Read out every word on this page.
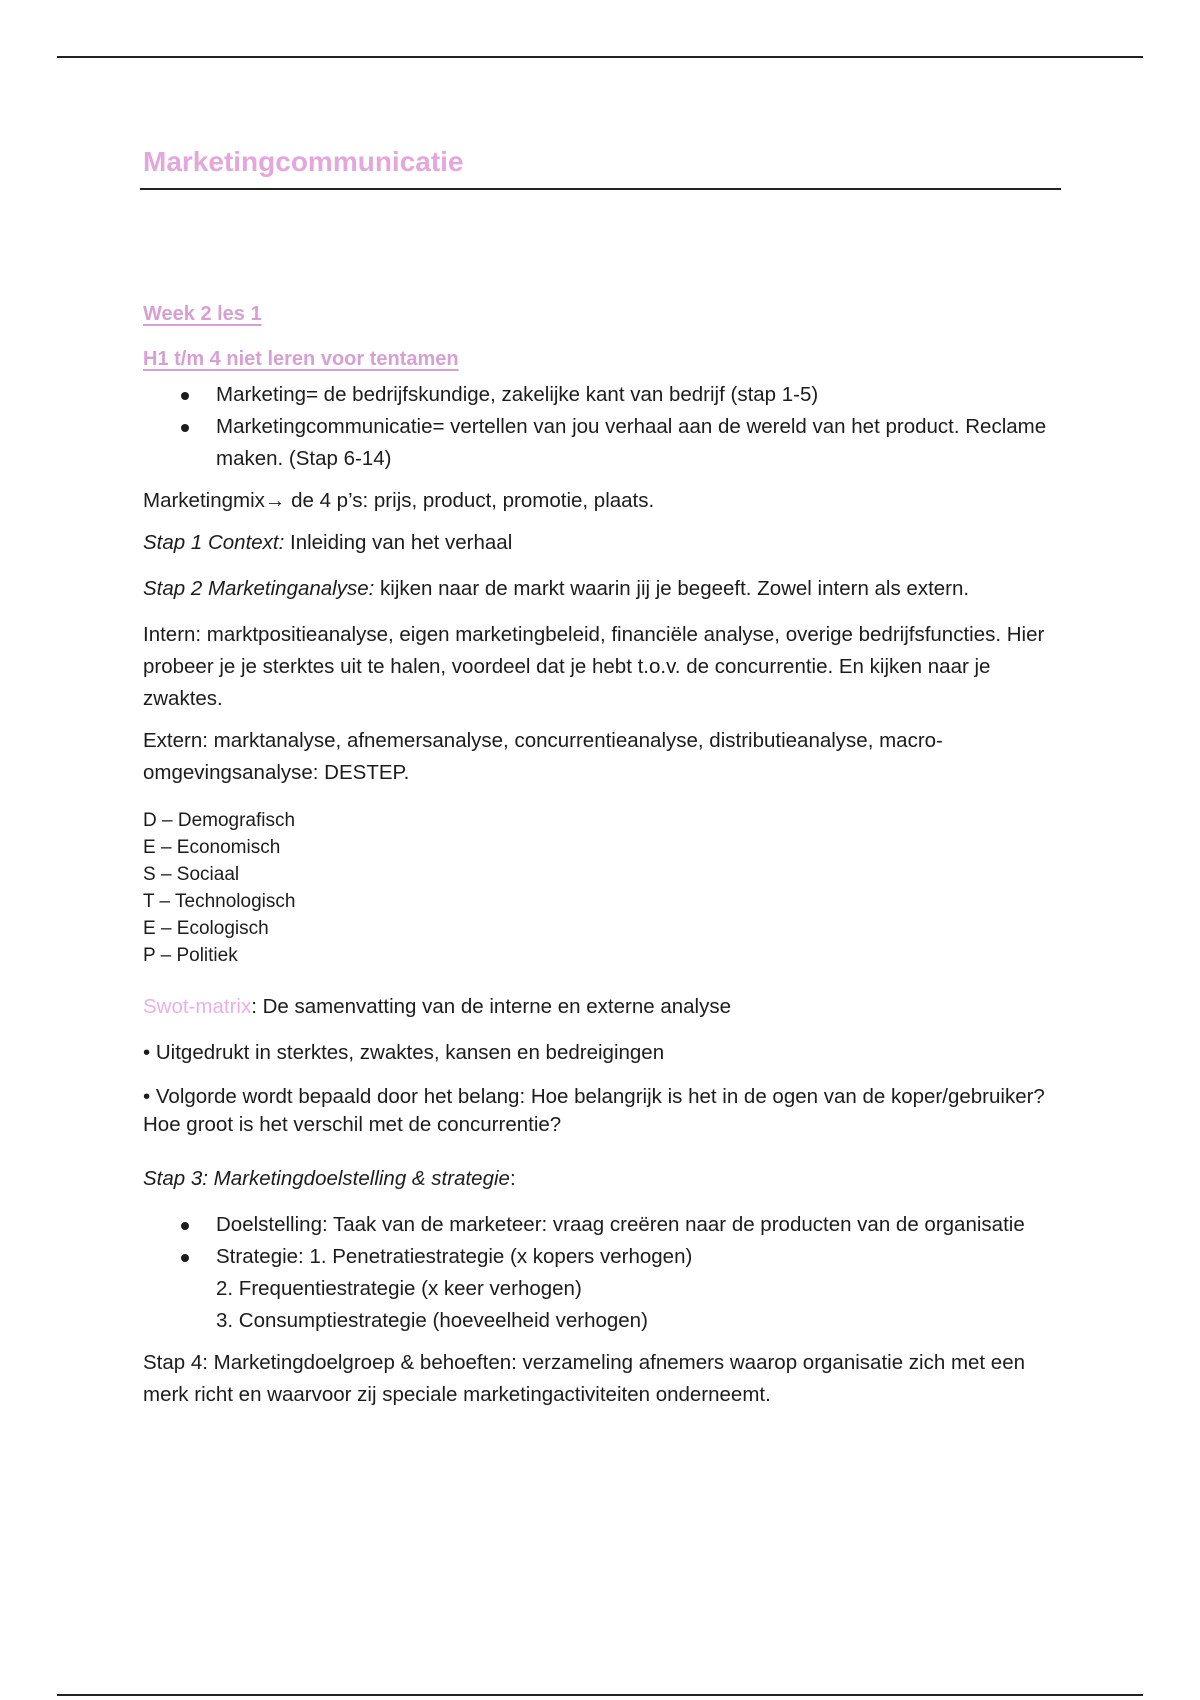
Marketingcommunicatie
Week 2 les 1
H1 t/m 4 niet leren voor tentamen
Marketing= de bedrijfskundige, zakelijke kant van bedrijf (stap 1-5)
Marketingcommunicatie= vertellen van jou verhaal aan de wereld van het product. Reclame maken. (Stap 6-14)

Marketingmix→ de 4 p’s: prijs, product, promotie, plaats.

Stap 1 Context: Inleiding van het verhaal

Stap 2 Marketinganalyse: kijken naar de markt waarin jij je begeeft. Zowel intern als extern.

Intern: marktpositieanalyse, eigen marketingbeleid, financiële analyse, overige bedrijfsfuncties. Hier probeer je je sterktes uit te halen, voordeel dat je hebt t.o.v. de concurrentie. En kijken naar je zwaktes.

Extern: marktanalyse, afnemersanalyse, concurrentieanalyse, distributieanalyse, macro-omgevingsanalyse: DESTEP.

D – Demografisch
E – Economisch
S – Sociaal
T – Technologisch
E – Ecologisch
P – Politiek

Swot-matrix: De samenvatting van de interne en externe analyse

• Uitgedrukt in sterktes, zwaktes, kansen en bedreigingen

• Volgorde wordt bepaald door het belang: Hoe belangrijk is het in de ogen van de koper/gebruiker? Hoe groot is het verschil met de concurrentie?

Stap 3: Marketingdoelstelling & strategie:

Doelstelling: Taak van de marketeer: vraag creëren naar de producten van de organisatie
Strategie: 1. Penetratiestrategie (x kopers verhogen)
2. Frequentiestrategie (x keer verhogen)
3. Consumptiestrategie (hoeveelheid verhogen)

Stap 4: Marketingdoelgroep & behoeften: verzameling afnemers waarop organisatie zich met een merk richt en waarvoor zij speciale marketingactiviteiten onderneemt.
